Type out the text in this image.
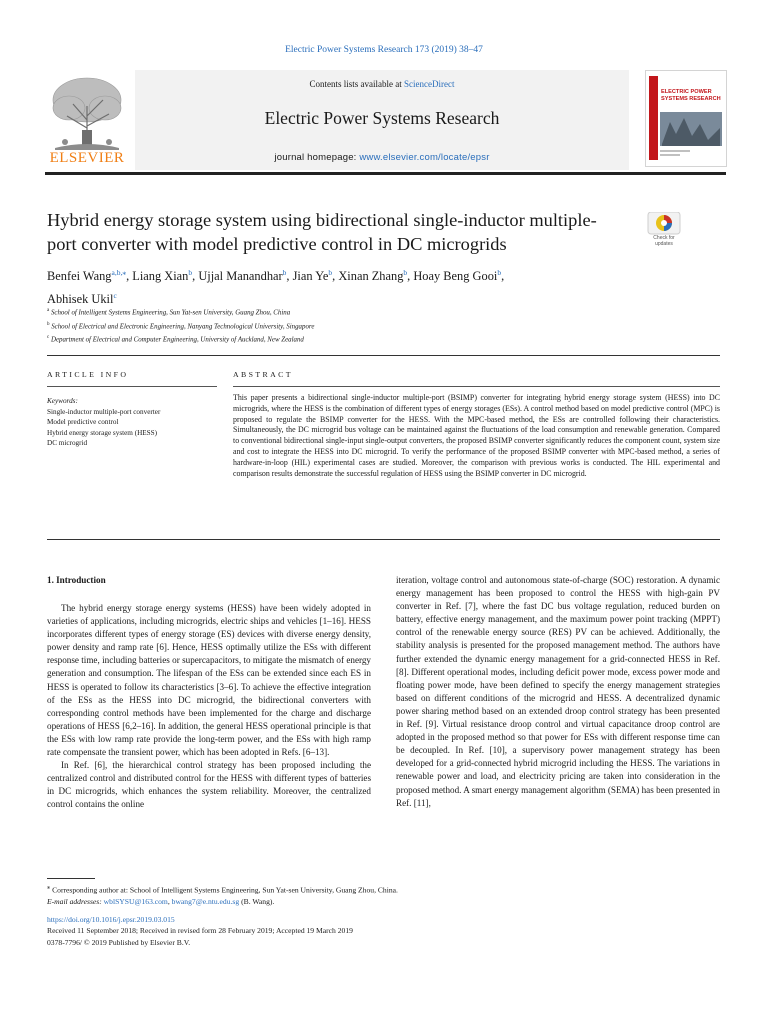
Electric Power Systems Research 173 (2019) 38–47
Contents lists available at ScienceDirect
Electric Power Systems Research
journal homepage: www.elsevier.com/locate/epsr
ELSEVIER
ELECTRIC POWER
SYSTEMS RESEARCH
Hybrid energy storage system using bidirectional single-inductor multiple-port converter with model predictive control in DC microgrids	Check for
updates
Benfei Wang$^{a,b,⁎}$, Liang Xian$^b$, Ujjal Manandhar$^b$, Jian Ye$^b$, Xinan Zhang$^b$, Hoay Beng Gooi$^b$,
Abhisek Ukil$^c$
$^a$ School of Intelligent Systems Engineering, Sun Yat-sen University, Guang Zhou, China
$^b$ School of Electrical and Electronic Engineering, Nanyang Technological University, Singapore
$^c$ Department of Electrical and Computer Engineering, University of Auckland, New Zealand
ARTICLE INFO	ABSTRACT
Keywords:
Single-inductor multiple-port converter
Model predictive control
Hybrid energy storage system (HESS)
DC microgrid
This paper presents a bidirectional single-inductor multiple-port (BSIMP) converter for integrating hybrid energy storage system (HESS) into DC microgrids, where the HESS is the combination of different types of energy storages (ESs). A control method based on model predictive control (MPC) is proposed to regulate the BSIMP converter for the HESS. With the MPC-based method, the ESs are controlled following their characteristics. Simultaneously, the DC microgrid bus voltage can be maintained against the fluctuations of the load consumption and renewable generation. Compared to conventional bidirectional single-input single-output converters, the proposed BSIMP converter significantly reduces the component count, system size and cost to integrate the HESS into DC microgrid. To verify the performance of the proposed BSIMP converter with MPC-based method, a series of hardware-in-loop (HIL) experimental cases are studied. Moreover, the comparison with previous works is conducted. The HIL experimental and comparison results demonstrate the successful regulation of HESS using the BSIMP converter in DC microgrid.
1. Introduction

The hybrid energy storage energy systems (HESS) have been widely adopted in varieties of applications, including microgrids, electric ships and vehicles [1–16]. HESS incorporates different types of energy storage (ES) devices with diverse energy density, power density and ramp rate [6]. Hence, HESS optimally utilize the ESs with different response time, including batteries or supercapacitors, to mitigate the mismatch of energy generation and consumption. The lifespan of the ESs can be extended since each ES in HESS is operated to follow its characteristics [3–6]. To achieve the effective integration of the ESs as the HESS into DC microgrid, the bidirectional converters with corresponding control methods have been implemented for the charge and discharge operations of HESS [6,2–16]. In addition, the general HESS operational principle is that the ESs with low ramp rate provide the long-term power, and the ESs with high ramp rate compensate the transient power, which has been adopted in Refs. [6–13].

In Ref. [6], the hierarchical control strategy has been proposed including the centralized control and distributed control for the HESS with different types of batteries in DC microgrids, which enhances the system reliability. Moreover, the centralized control contains the online

iteration, voltage control and autonomous state-of-charge (SOC) restoration. A dynamic energy management has been proposed to control the HESS with high-gain PV converter in Ref. [7], where the fast DC bus voltage regulation, reduced burden on battery, effective energy management, and the maximum power point tracking (MPPT) control of the renewable energy source (RES) PV can be achieved. Additionally, the stability analysis is presented for the proposed management method. The authors have further extended the dynamic energy management for a grid-connected HESS in Ref. [8]. Different operational modes, including deficit power mode, excess power mode and floating power mode, have been defined to specify the energy management strategies based on different conditions of the microgrid and HESS. A decentralized dynamic power sharing method based on an extended droop control strategy has been presented in Ref. [9]. Virtual resistance droop control and virtual capacitance droop control are adopted in the proposed method so that power for ESs with different response time can be decoupled. In Ref. [10], a supervisory power management strategy has been developed for a grid-connected hybrid microgrid including the HESS. The variations in renewable power and load, and electricity pricing are taken into consideration in the proposed method. A smart energy management algorithm (SEMA) has been presented in Ref. [11],

⁎ Corresponding author at: School of Intelligent Systems Engineering, Sun Yat-sen University, Guang Zhou, China.
E-mail addresses: wblSYSU@163.com, bwang7@e.ntu.edu.sg (B. Wang).
https://doi.org/10.1016/j.epsr.2019.03.015
Received 11 September 2018; Received in revised form 28 February 2019; Accepted 19 March 2019
0378-7796/ © 2019 Published by Elsevier B.V.
